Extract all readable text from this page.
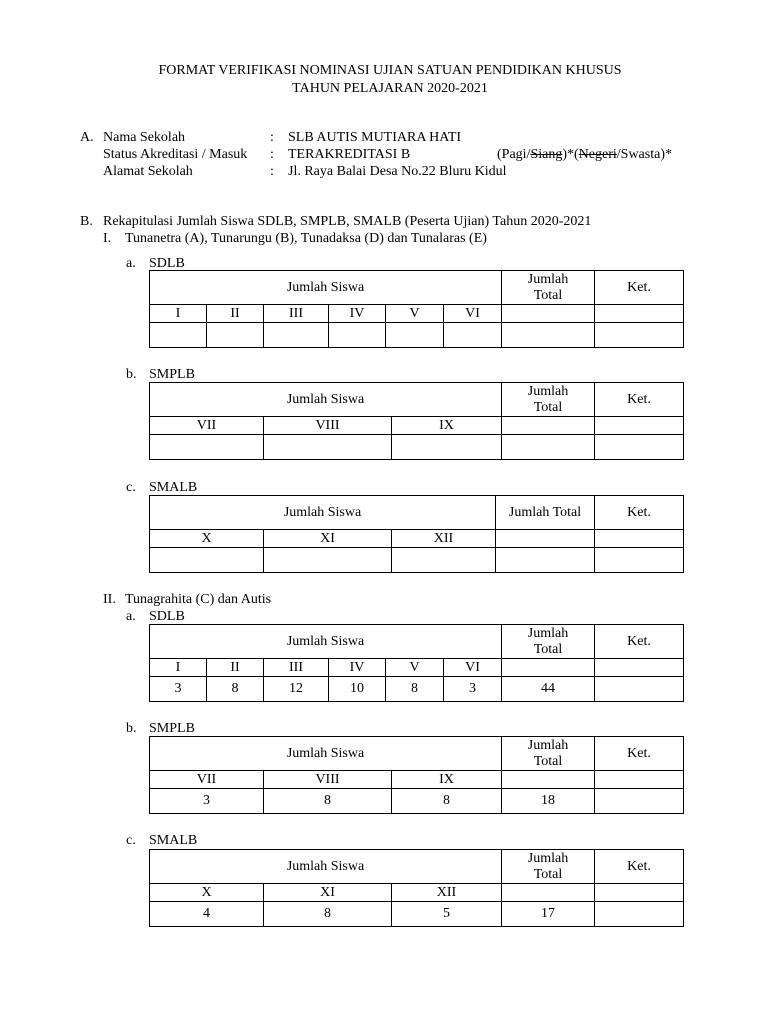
FORMAT VERIFIKASI NOMINASI UJIAN SATUAN PENDIDIKAN KHUSUS
TAHUN PELAJARAN 2020-2021
A. Nama Sekolah	: SLB AUTIS MUTIARA HATI
Status Akreditasi / Masuk : TERAKREDITASI B	(Pagi/Siang)*(Negeri/Swasta)*
Alamat Sekolah	: Jl. Raya Balai Desa No.22 Bluru Kidul
B. Rekapitulasi Jumlah Siswa SDLB, SMPLB, SMALB (Peserta Ujian) Tahun 2020-2021
I. Tunanetra (A), Tunarungu (B), Tunadaksa (D) dan Tunalaras (E)
a. SDLB
Jumlah Siswa						Jumlah
Total	Ket.
I	II	III	IV	V	VI		

b. SMPLB
Jumlah Siswa			Jumlah
Total	Ket.
VII	VIII	IX		

c. SMALB
Jumlah Siswa			Jumlah Total	Ket.
X	XI	XII		

II. Tunagrahita (C) dan Autis
a. SDLB
Jumlah Siswa						Jumlah
Total	Ket.
I	II	III	IV	V	VI		
3	8	12	10	8	3	44	
b. SMPLB
Jumlah Siswa			Jumlah
Total	Ket.
VII	VIII	IX		
3	8	8	18	
c. SMALB
Jumlah Siswa			Jumlah
Total	Ket.
X	XI	XII		
4	8	5	17	
